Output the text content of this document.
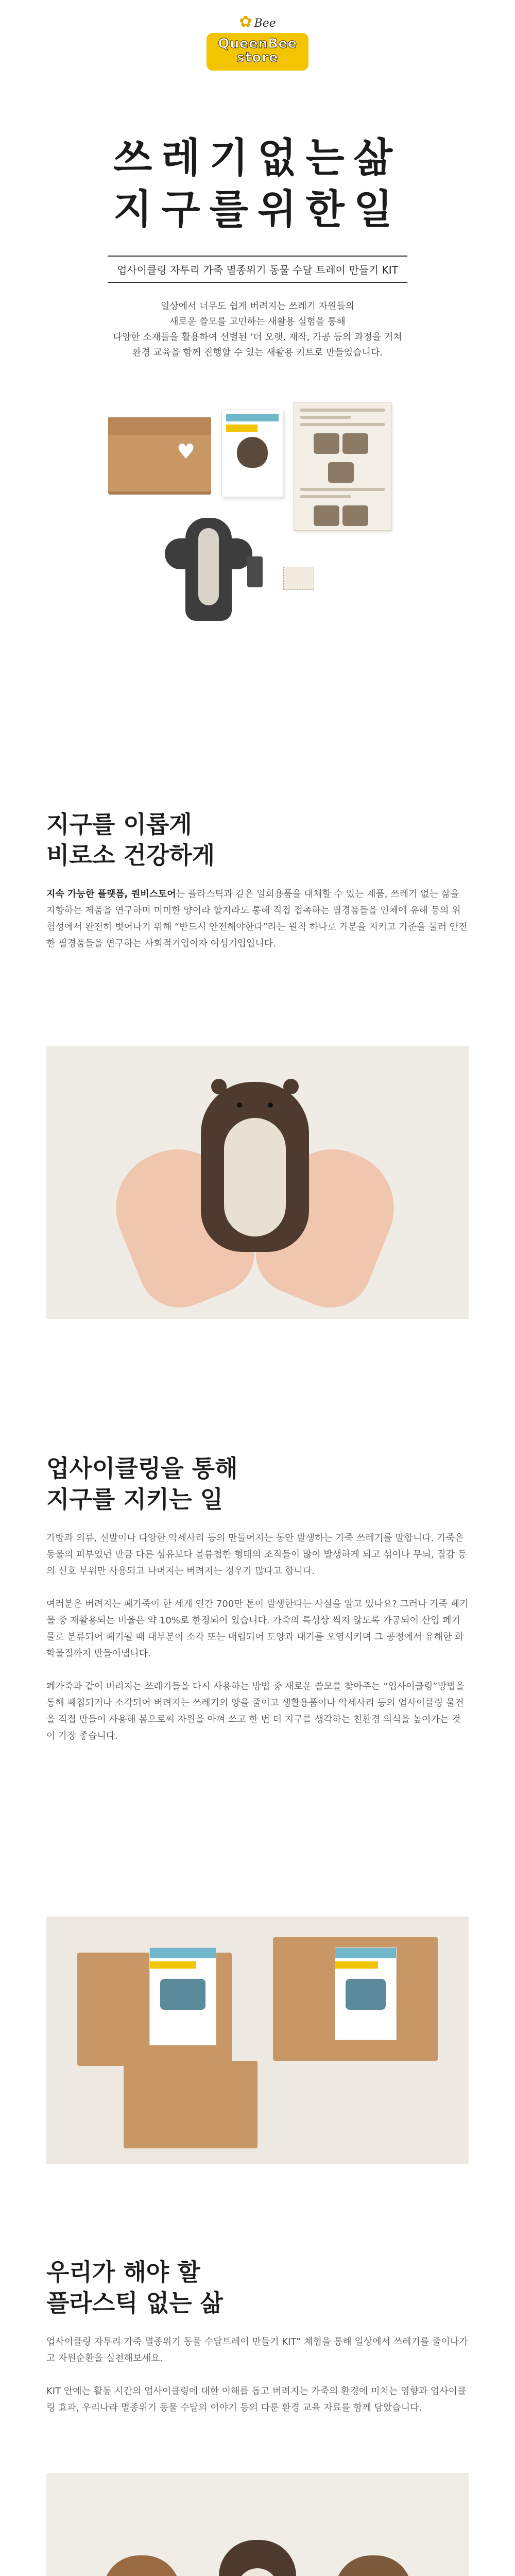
✿ Bee
QueenBee
store
쓰레기없는삶
지구를위한일
업사이클링 자투리 가죽 멸종위기 동물 수달 트레이 만들기 KIT

일상에서 너무도 쉽게 버려지는 쓰레기 자원들의

새로운 쓸모를 고민하는 새활용 실험을 통해

다양한 소재들을 활용하여 선별된 ‘더 오랫, 재작, 가공 등의 과정을 거쳐

환경 교육을 함께 진행할 수 있는 새활용 키트로 만들었습니다.

♥
지구를 이롭게
비로소 건강하게

지속 가능한 플랫폼, 퀀비스토어는 플라스틱과 같은 일회용품을 대체할 수 있는 제품, 쓰레기 없는 삶을 지향하는 제품을 연구하며 미미한 양이라 할지라도 통해 직접 접촉하는 필경품들을 인체에 유해 등의 위험성에서 완전히 벗어나기 위해 “반드시 안전해야한다”라는 원칙 하나로 가분을 지키고 가준을 둘러 안전한 필경품들을 연구하는 사회적기업이자 여성기업입니다.

업사이클링을 통해
지구를 지키는 일

가방과 의류, 신발이나 다양한 악세사리 등의 만들어지는 동안 발생하는 가죽 쓰레기를 말합니다. 가죽은 동물의 피부였던 만큼 다른 섬유보다 볼륨첩한 형태의 조직들이 많이 발생하게 되고 섞이나 무늬, 질감 등의 선호 부위만 사용되고 나머지는 버려지는 경우가 많다고 합니다.

여러분은 버려지는 폐가죽이 한 세계 연간 700만 톤이 발생한다는 사실을 알고 있나요? 그러나 가죽 폐기물 중 재활용되는 비율은 약 10%로 한정되어 있습니다. 가죽의 특성상 썩지 않도록 가공되어 산업 폐기물로 분류되어 폐기될 때 대부분이 소각 또는 매립되어 토양과 대기를 오염시키며 그 공정에서 유해한 화학물질까지 만들어냅니다.

폐가죽과 같이 버려지는 쓰레기들을 다시 사용하는 방법 중 새로운 쓸모를 찾아주는 “업사이클링”방법을 통해 폐칩되거나 소각되어 버려지는 쓰레기의 양을 줄이고 생활용품이나 악세사리 등의 업사이클링 물건을 직접 만들어 사용해 봄으로써 자원을 아껴 쓰고 한 번 더 지구를 생각하는 친환경 의식을 높여가는 것이 가장 좋습니다.

우리가 해야 할
플라스틱 없는 삶

업사이클링 자투리 가죽 멸종위기 동물 수달트레이 만들기 KIT” 체험을 통해 일상에서 쓰레기를 줄이나가고 자원순환을 실천해보세요.

KIT 안에는 활동 시간의 업사이클링에 대한 이해를 돕고 버려지는 가죽의 환경에 미치는 영향과 업사이클링 효과, 우리나라 멸종위기 동물 수달의 이야기 등의 다룬 환경 교육 자료를 함께 담았습니다.
